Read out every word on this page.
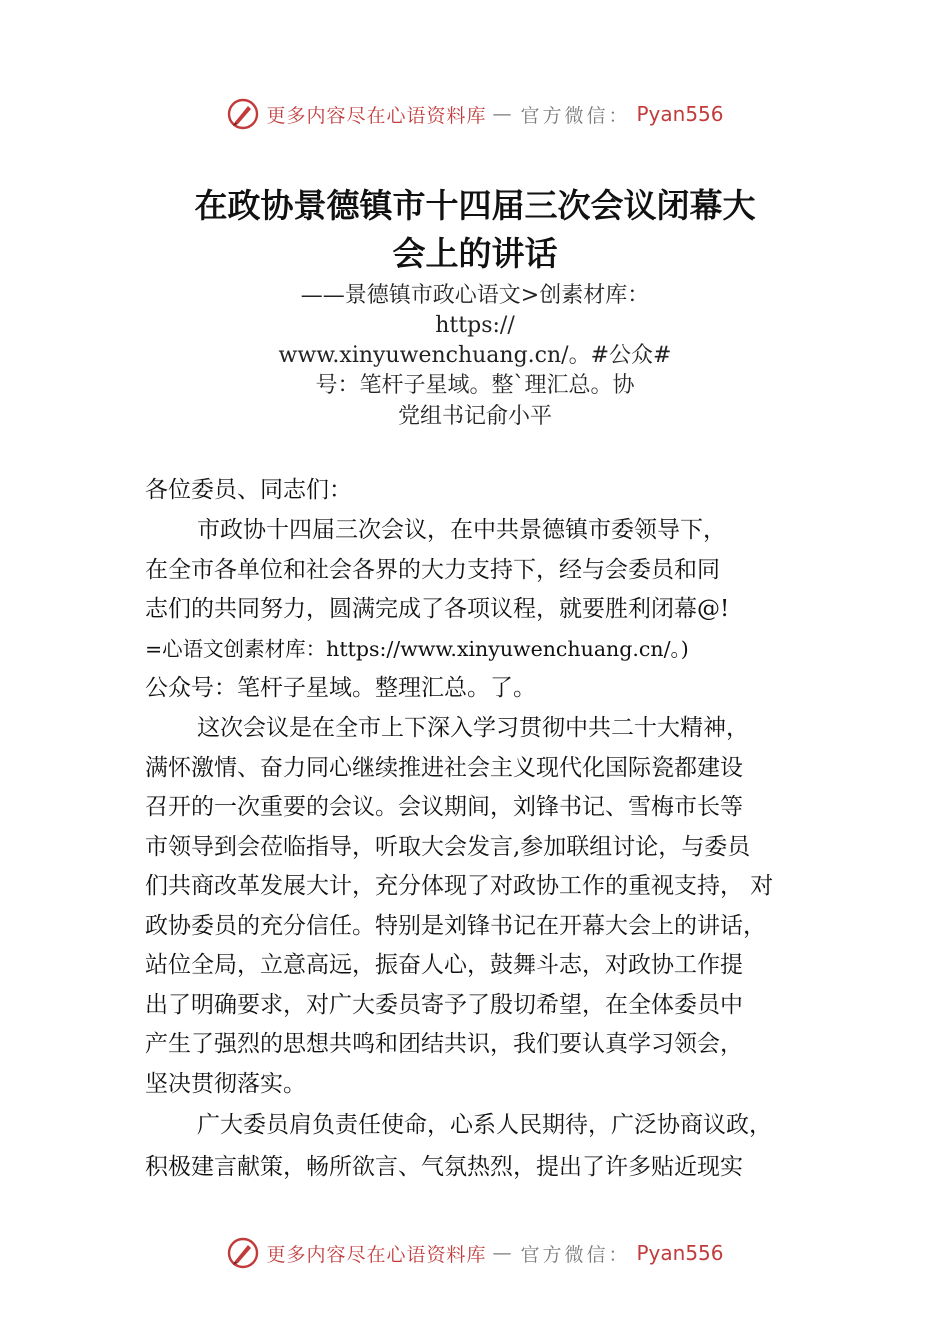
更多内容尽在心语资料库 — 官方微信： Pyan556
在政协景德镇市十四届三次会议闭幕大
会上的讲话
——景德镇市政心语文>创素材库：
https://
www.xinyuwenchuang.cn/。#公众#
号：笔杆子星域。整`理汇总。协
党组书记俞小平
各位委员、同志们：
市政协十四届三次会议，在中共景德镇市委领导下，
在全市各单位和社会各界的大力支持下，经与会委员和同
志们的共同努力，圆满完成了各项议程，就要胜利闭幕@!
=心语文创素材库：https://www.xinyuwenchuang.cn/。)
公众号：笔杆子星域。整理汇总。了。
这次会议是在全市上下深入学习贯彻中共二十大精神，
满怀激情、奋力同心继续推进社会主义现代化国际瓷都建设
召开的一次重要的会议。会议期间，刘锋书记、雪梅市长等
市领导到会莅临指导，听取大会发言,参加联组讨论，与委员
们共商改革发展大计，充分体现了对政协工作的重视支持， 对
政协委员的充分信任。特别是刘锋书记在开幕大会上的讲话，
站位全局，立意高远，振奋人心，鼓舞斗志，对政协工作提
出了明确要求，对广大委员寄予了殷切希望，在全体委员中
产生了强烈的思想共鸣和团结共识，我们要认真学习领会，
坚决贯彻落实。
广大委员肩负责任使命，心系人民期待，广泛协商议政，
积极建言献策，畅所欲言、气氛热烈，提出了许多贴近现实
更多内容尽在心语资料库 — 官方微信： Pyan556
